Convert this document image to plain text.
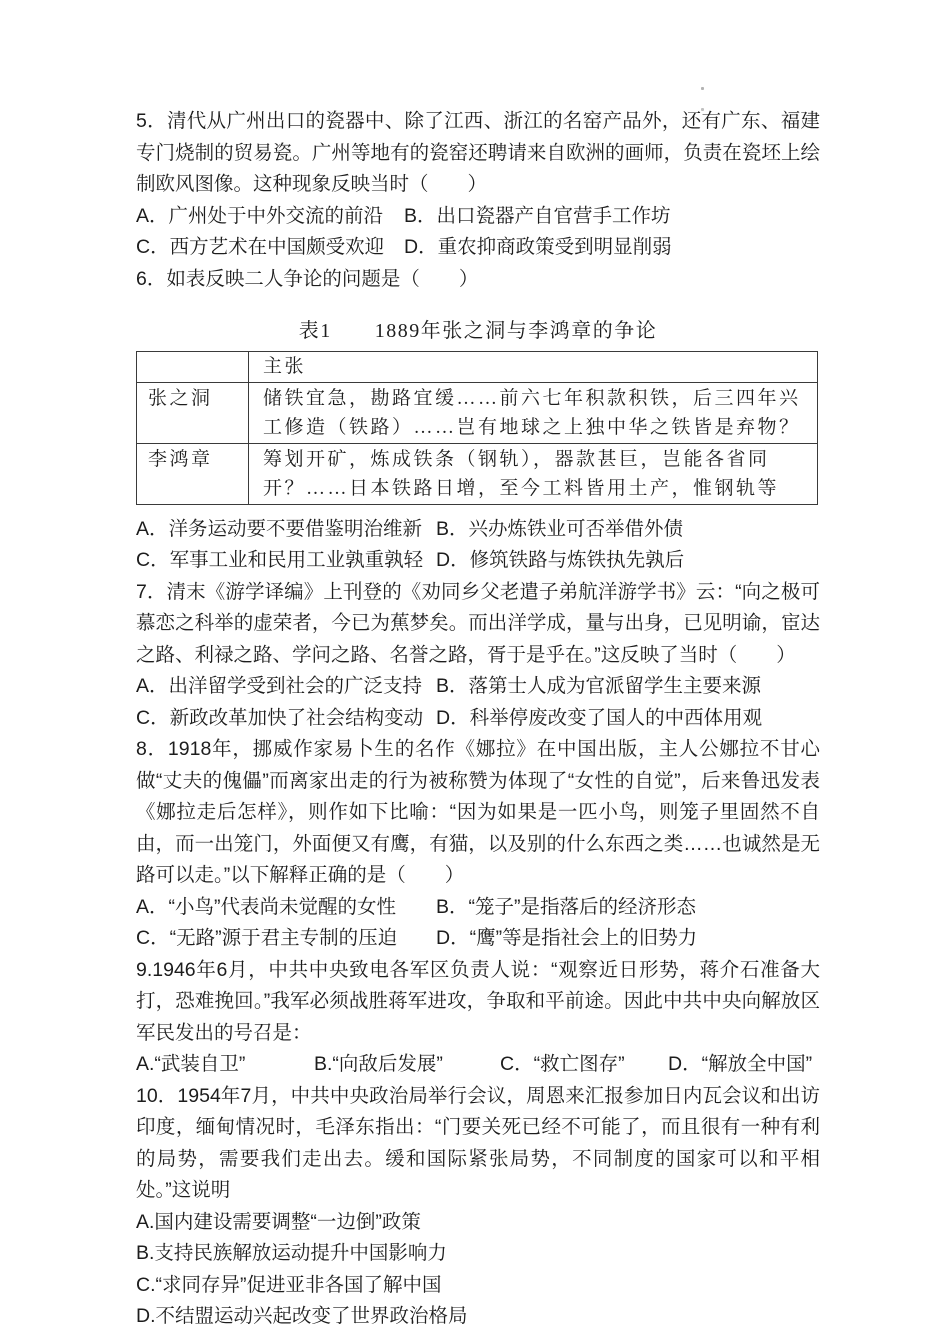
5．清代从广州出口的瓷器中、除了江西、浙江的名窑产品外，还有广东、福建专门烧制的贸易瓷。广州等地有的瓷窑还聘请来自欧洲的画师，负责在瓷坯上绘制欧风图像。这种现象反映当时（　　）

A．广州处于中外交流的前沿	B．出口瓷器产自官营手工作坊
C．西方艺术在中国颇受欢迎	D．重农抑商政策受到明显削弱

6．如表反映二人争论的问题是（　　）

表1　　1889年张之洞与李鸿章的争论
	主张
张之洞	储铁宜急，勘路宜缓……前六七年积款积铁，后三四年兴工修造（铁路）……岂有地球之上独中华之铁皆是弃物？
李鸿章	筹划开矿，炼成铁条（钢轨），器款甚巨，岂能各省同开？……日本铁路日增，至今工料皆用土产，惟钢轨等
A．洋务运动要不要借鉴明治维新 B．兴办炼铁业可否举借外债
C．军事工业和民用工业孰重孰轻 D．修筑铁路与炼铁执先孰后

7．清末《游学译编》上刊登的《劝同乡父老遣子弟航洋游学书》云：“向之极可慕恋之科举的虚荣者，今已为蕉梦矣。而出洋学成，量与出身，已见明谕，宦达之路、利禄之路、学问之路、名誉之路，胥于是乎在。”这反映了当时（　　）

A．出洋留学受到社会的广泛支持 B．落第士人成为官派留学生主要来源
C．新政改革加快了社会结构变动 D．科举停废改变了国人的中西体用观

8．1918年，挪威作家易卜生的名作《娜拉》在中国出版，主人公娜拉不甘心做“丈夫的傀儡”而离家出走的行为被称赞为体现了“女性的自觉”，后来鲁迅发表《娜拉走后怎样》，则作如下比喻：“因为如果是一匹小鸟，则笼子里固然不自由，而一出笼门，外面便又有鹰，有猫，以及别的什么东西之类……也诚然是无路可以走。”以下解释正确的是（　　）

A．“小鸟”代表尚未觉醒的女性	B．“笼子”是指落后的经济形态
C．“无路”源于君主专制的压迫	D．“鹰”等是指社会上的旧势力

9.1946年6月，中共中央致电各军区负责人说：“观察近日形势，蒋介石准备大打，恐难挽回。”我军必须战胜蒋军进攻，争取和平前途。因此中共中央向解放区军民发出的号召是：

A.“武装自卫”	B.“向敌后发展”	C．“救亡图存”	D．“解放全中国”

10．1954年7月，中共中央政治局举行会议，周恩来汇报参加日内瓦会议和出访印度，缅甸情况时，毛泽东指出：“门要关死已经不可能了，而且很有一种有利的局势，需要我们走出去。缓和国际紧张局势，不同制度的国家可以和平相处。”这说明

A.国内建设需要调整“一边倒”政策

B.支持民族解放运动提升中国影响力

C.“求同存异”促进亚非各国了解中国

D.不结盟运动兴起改变了世界政治格局
